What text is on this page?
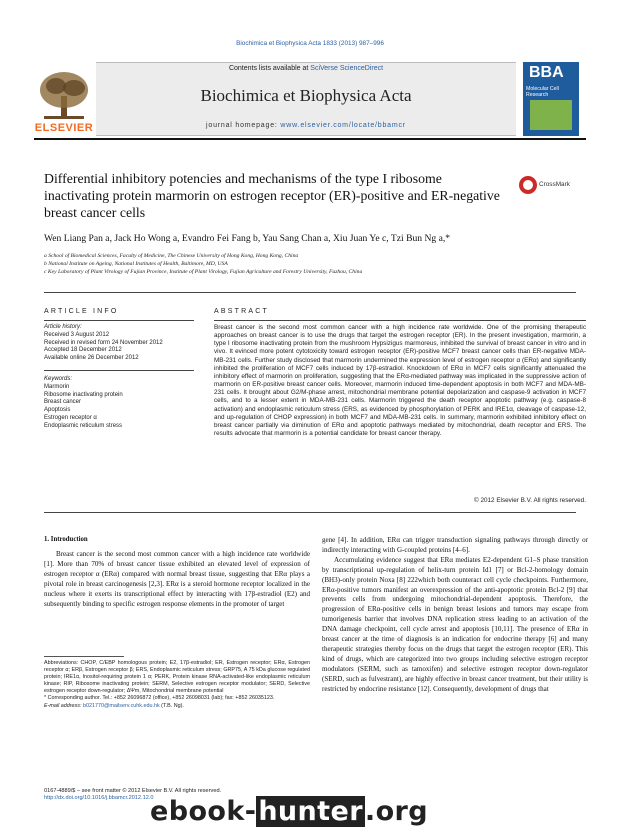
Biochimica et Biophysica Acta 1833 (2013) 987–996
Contents lists available at SciVerse ScienceDirect
Biochimica et Biophysica Acta
journal homepage: www.elsevier.com/locate/bbamcr
ELSEVIER
BBA
Molecular Cell Research
Differential inhibitory potencies and mechanisms of the type I ribosome inactivating protein marmorin on estrogen receptor (ER)-positive and ER-negative breast cancer cells
CrossMark
Wen Liang Pan a, Jack Ho Wong a, Evandro Fei Fang b, Yau Sang Chan a, Xiu Juan Ye c, Tzi Bun Ng a,*
a School of Biomedical Sciences, Faculty of Medicine, The Chinese University of Hong Kong, Hong Kong, China
b National Institute on Ageing, National Institutes of Health, Baltimore, MD, USA
c Key Laboratory of Plant Virology of Fujian Province, Institute of Plant Virology, Fujian Agriculture and Forestry University, Fuzhou, China
ARTICLE INFO	ABSTRACT
Article history:
Received 3 August 2012
Received in revised form 24 November 2012
Accepted 18 December 2012
Available online 26 December 2012
Keywords:
Marmorin
Ribosome inactivating protein
Breast cancer
Apoptosis
Estrogen receptor α
Endoplasmic reticulum stress
Breast cancer is the second most common cancer with a high incidence rate worldwide. One of the promising therapeutic approaches on breast cancer is to use the drugs that target the estrogen receptor (ER). In the present investigation, marmorin, a type I ribosome inactivating protein from the mushroom Hypsizigus marmoreus, inhibited the survival of breast cancer in vitro and in vivo. It evinced more potent cytotoxicity toward estrogen receptor (ER)-positive MCF7 breast cancer cells than ER-negative MDA-MB-231 cells. Further study disclosed that marmorin undermined the expression level of estrogen receptor α (ERα) and significantly inhibited the proliferation of MCF7 cells induced by 17β-estradiol. Knockdown of ERα in MCF7 cells significantly attenuated the inhibitory effect of marmorin on proliferation, suggesting that the ERα-mediated pathway was implicated in the suppressive action of marmorin on ER-positive breast cancer cells. Moreover, marmorin induced time-dependent apoptosis in both MCF7 and MDA-MB-231 cells. It brought about G2/M-phase arrest, mitochondrial membrane potential depolarization and caspase-9 activation in MCF7 cells, and to a lesser extent in MDA-MB-231 cells. Marmorin triggered the death receptor apoptotic pathway (e.g. caspase-8 activation) and endoplasmic reticulum stress (ERS, as evidenced by phosphorylation of PERK and IRE1α, cleavage of caspase-12, and up-regulation of CHOP expression) in both MCF7 and MDA-MB-231 cells. In summary, marmorin exhibited inhibitory effect on breast cancer partially via diminution of ERα and apoptotic pathways mediated by mitochondrial, death receptor and ERS. The results advocate that marmorin is a potential candidate for breast cancer therapy.
© 2012 Elsevier B.V. All rights reserved.
1. Introduction
Breast cancer is the second most common cancer with a high incidence rate worldwide [1]. More than 70% of breast cancer tissue exhibited an elevated level of expression of estrogen receptor α (ERα) compared with normal breast tissue, suggesting that ERα plays a pivotal role in breast carcinogenesis [2,3]. ERα is a steroid hormone receptor localized in the nucleus where it exerts its transcriptional effect by interacting with 17β-estradiol (E2) and subsequently binding to specific estrogen response elements in the promoter of target
gene [4]. In addition, ERα can trigger transduction signaling pathways through directly or indirectly interacting with G-coupled proteins [4–6].
Accumulating evidence suggest that ERα mediates E2-dependent G1–S phase transition by transcriptional up-regulation of helix-turn protein Id1 [7] or Bcl-2-homology domain (BH3)-only protein Noxa [8] 222which both counteract cell cycle checkpoints. Furthermore, ERα-positive tumors manifest an overexpression of the anti-apoptotic protein Bcl-2 [9] that prevents cells from undergoing mitochondrial-dependent apoptosis. Therefore, the progression of ERα-positive cells in benign breast lesions and tumors may escape from tumorigenesis barrier that involves DNA replication stress leading to an activation of the DNA damage checkpoint, cell cycle arrest and apoptosis [10,11]. The presence of ERα in breast cancer at the time of diagnosis is an indication for endocrine therapy [6] and many therapeutic strategies thereby focus on the drugs that target the estrogen receptor (ER). This kind of drugs, which are categorized into two groups including selective estrogen receptor modulators (SERM, such as tamoxifen) and selective estrogen receptor down-regulator (SERD, such as fulvestrant), are highly effective in breast cancer treatment, but their utility is restricted by endocrine resistance [12]. Consequently, development of drugs that
Abbreviations: CHOP, C/EBP homologous protein; E2, 17β-estradiol; ER, Estrogen receptor; ERα, Estrogen receptor α; ERβ, Estrogen receptor β; ERS, Endoplasmic reticulum stress; GRP75, A 75 kDa glucose regulated protein; IRE1α, Inositol-requiring protein 1 α; PERK, Protein kinase RNA-activated-like endoplasmic reticulum kinase; RIP, Ribosome inactivating protein; SERM, Selective estrogen receptor modulator; SERD, Selective estrogen receptor down-regulator; ΔΨm, Mitochondrial membrane potential
* Corresponding author. Tel.: +852 26096872 (office), +852 26098031 (lab); fax: +852 26035123.
E-mail address: b021770@mailserv.cuhk.edu.hk (T.B. Ng).
0167-4889/$ – see front matter © 2012 Elsevier B.V. All rights reserved.
http://dx.doi.org/10.1016/j.bbamcr.2012.12.0
ebook-hunter.org
